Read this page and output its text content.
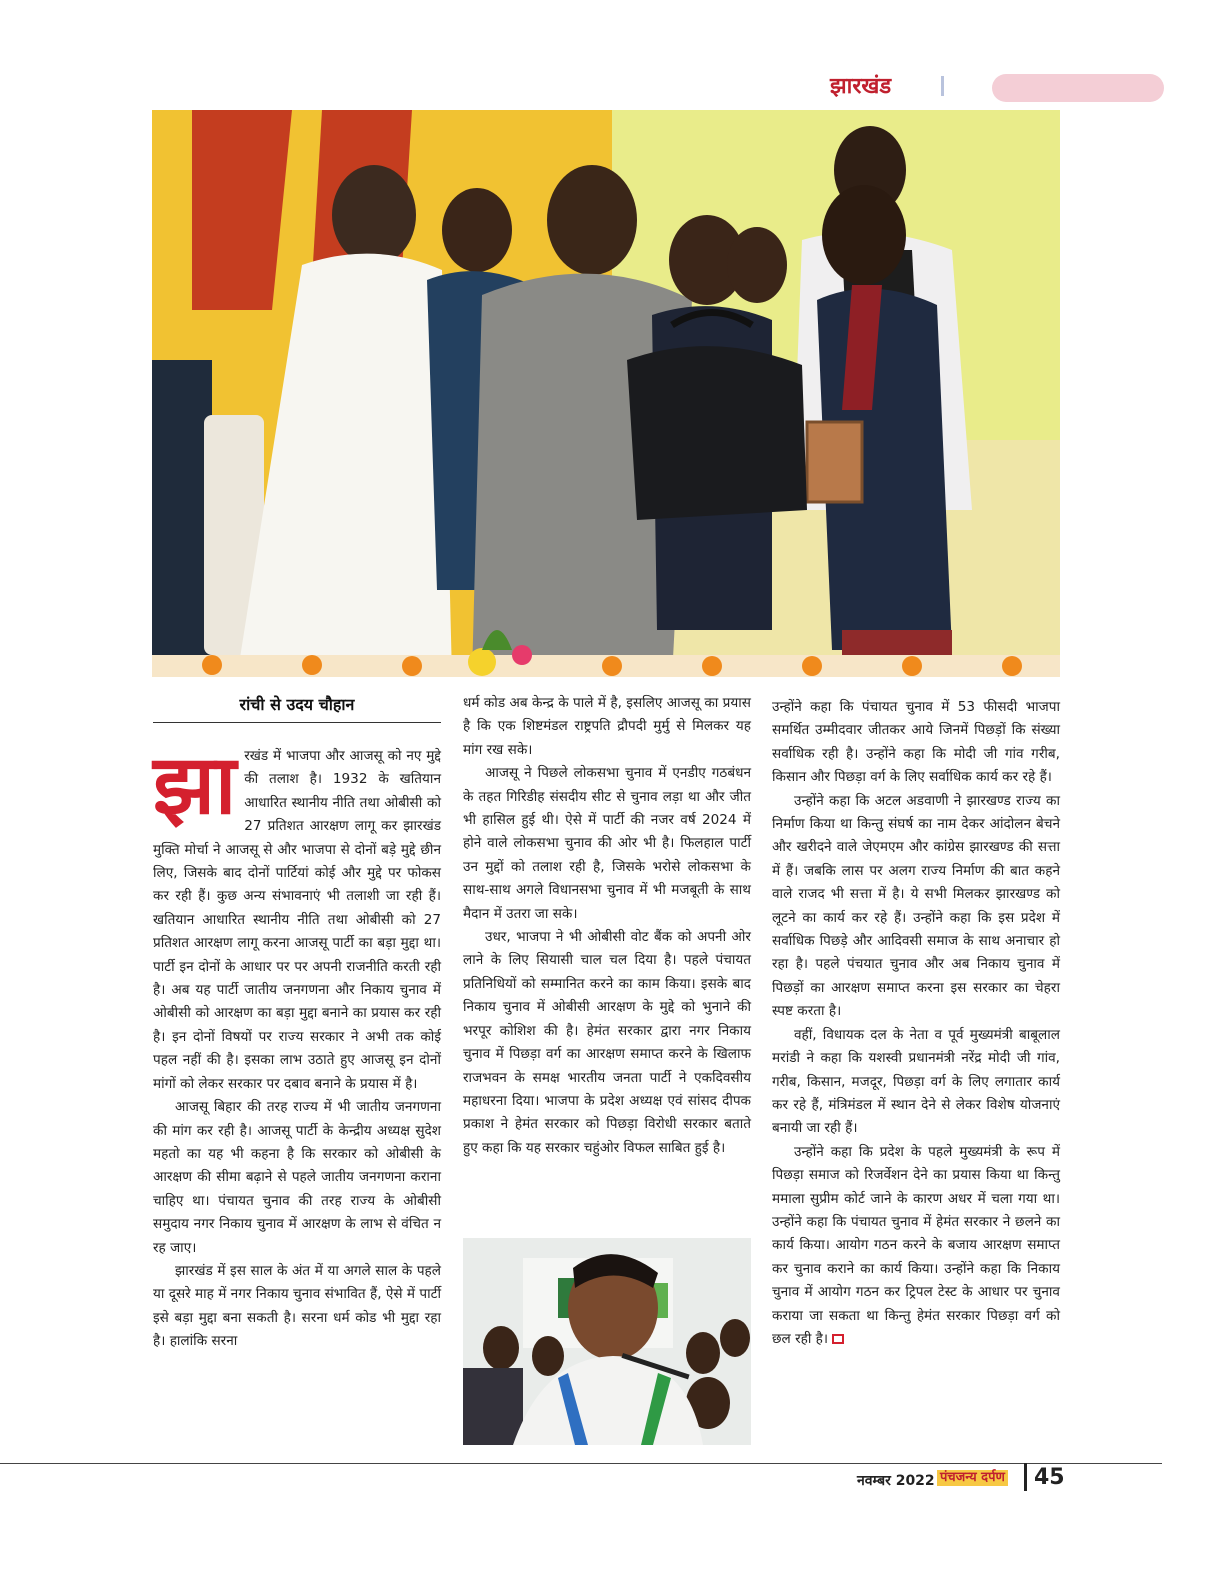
झारखंड
रांची से उदय चौहान

झारखंड में भाजपा और आजसू को नए मुद्दे की तलाश है। 1932 के खतियान आधारित स्थानीय नीति तथा ओबीसी को 27 प्रतिशत आरक्षण लागू कर झारखंड मुक्ति मोर्चा ने आजसू से और भाजपा से दोनों बड़े मुद्दे छीन लिए, जिसके बाद दोनों पार्टियां कोई और मुद्दे पर फोकस कर रही हैं। कुछ अन्य संभावनाएं भी तलाशी जा रही हैं। खतियान आधारित स्थानीय नीति तथा ओबीसी को 27 प्रतिशत आरक्षण लागू करना आजसू पार्टी का बड़ा मुद्दा था। पार्टी इन दोनों के आधार पर पर अपनी राजनीति करती रही है। अब यह पार्टी जातीय जनगणना और निकाय चुनाव में ओबीसी को आरक्षण का बड़ा मुद्दा बनाने का प्रयास कर रही है। इन दोनों विषयों पर राज्य सरकार ने अभी तक कोई पहल नहीं की है। इसका लाभ उठाते हुए आजसू इन दोनों मांगों को लेकर सरकार पर दबाव बनाने के प्रयास में है।

आजसू बिहार की तरह राज्य में भी जातीय जनगणना की मांग कर रही है। आजसू पार्टी के केन्द्रीय अध्यक्ष सुदेश महतो का यह भी कहना है कि सरकार को ओबीसी के आरक्षण की सीमा बढ़ाने से पहले जातीय जनगणना कराना चाहिए था। पंचायत चुनाव की तरह राज्य के ओबीसी समुदाय नगर निकाय चुनाव में आरक्षण के लाभ से वंचित न रह जाए।

झारखंड में इस साल के अंत में या अगले साल के पहले या दूसरे माह में नगर निकाय चुनाव संभावित हैं, ऐसे में पार्टी इसे बड़ा मुद्दा बना सकती है। सरना धर्म कोड भी मुद्दा रहा है। हालांकि सरना

धर्म कोड अब केन्द्र के पाले में है, इसलिए आजसू का प्रयास है कि एक शिष्टमंडल राष्ट्रपति द्रौपदी मुर्मु से मिलकर यह मांग रख सके।

आजसू ने पिछले लोकसभा चुनाव में एनडीए गठबंधन के तहत गिरिडीह संसदीय सीट से चुनाव लड़ा था और जीत भी हासिल हुई थी। ऐसे में पार्टी की नजर वर्ष 2024 में होने वाले लोकसभा चुनाव की ओर भी है। फिलहाल पार्टी उन मुद्दों को तलाश रही है, जिसके भरोसे लोकसभा के साथ-साथ अगले विधानसभा चुनाव में भी मजबूती के साथ मैदान में उतरा जा सके।

उधर, भाजपा ने भी ओबीसी वोट बैंक को अपनी ओर लाने के लिए सियासी चाल चल दिया है। पहले पंचायत प्रतिनिधियों को सम्मानित करने का काम किया। इसके बाद निकाय चुनाव में ओबीसी आरक्षण के मुद्दे को भुनाने की भरपूर कोशिश की है। हेमंत सरकार द्वारा नगर निकाय चुनाव में पिछड़ा वर्ग का आरक्षण समाप्त करने के खिलाफ राजभवन के समक्ष भारतीय जनता पार्टी ने एकदिवसीय महाधरना दिया। भाजपा के प्रदेश अध्यक्ष एवं सांसद दीपक प्रकाश ने हेमंत सरकार को पिछड़ा विरोधी सरकार बताते हुए कहा कि यह सरकार चहुंओर विफल साबित हुई है।

उन्होंने कहा कि पंचायत चुनाव में 53 फीसदी भाजपा समर्थित उम्मीदवार जीतकर आये जिनमें पिछड़ों कि संख्या सर्वाधिक रही है। उन्होंने कहा कि मोदी जी गांव गरीब, किसान और पिछड़ा वर्ग के लिए सर्वाधिक कार्य कर रहे हैं।

उन्होंने कहा कि अटल अडवाणी ने झारखण्ड राज्य का निर्माण किया था किन्तु संघर्ष का नाम देकर आंदोलन बेचने और खरीदने वाले जेएमएम और कांग्रेस झारखण्ड की सत्ता में हैं। जबकि लास पर अलग राज्य निर्माण की बात कहने वाले राजद भी सत्ता में है। ये सभी मिलकर झारखण्ड को लूटने का कार्य कर रहे हैं। उन्होंने कहा कि इस प्रदेश में सर्वाधिक पिछड़े और आदिवसी समाज के साथ अनाचार हो रहा है। पहले पंचयात चुनाव और अब निकाय चुनाव में पिछड़ों का आरक्षण समाप्त करना इस सरकार का चेहरा स्पष्ट करता है।

वहीं, विधायक दल के नेता व पूर्व मुख्यमंत्री बाबूलाल मरांडी ने कहा कि यशस्वी प्रधानमंत्री नरेंद्र मोदी जी गांव, गरीब, किसान, मजदूर, पिछड़ा वर्ग के लिए लगातार कार्य कर रहे हैं, मंत्रिमंडल में स्थान देने से लेकर विशेष योजनाएं बनायी जा रही हैं।

उन्होंने कहा कि प्रदेश के पहले मुख्यमंत्री के रूप में पिछड़ा समाज को रिजर्वेशन देने का प्रयास किया था किन्तु ममाला सुप्रीम कोर्ट जाने के कारण अधर में चला गया था। उन्होंने कहा कि पंचायत चुनाव में हेमंत सरकार ने छलने का कार्य किया। आयोग गठन करने के बजाय आरक्षण समाप्त कर चुनाव कराने का कार्य किया। उन्होंने कहा कि निकाय चुनाव में आयोग गठन कर ट्रिपल टेस्ट के आधार पर चुनाव कराया जा सकता था किन्तु हेमंत सरकार पिछड़ा वर्ग को छल रही है।

नवम्बर 2022 पंचजन्य दर्पण 45
